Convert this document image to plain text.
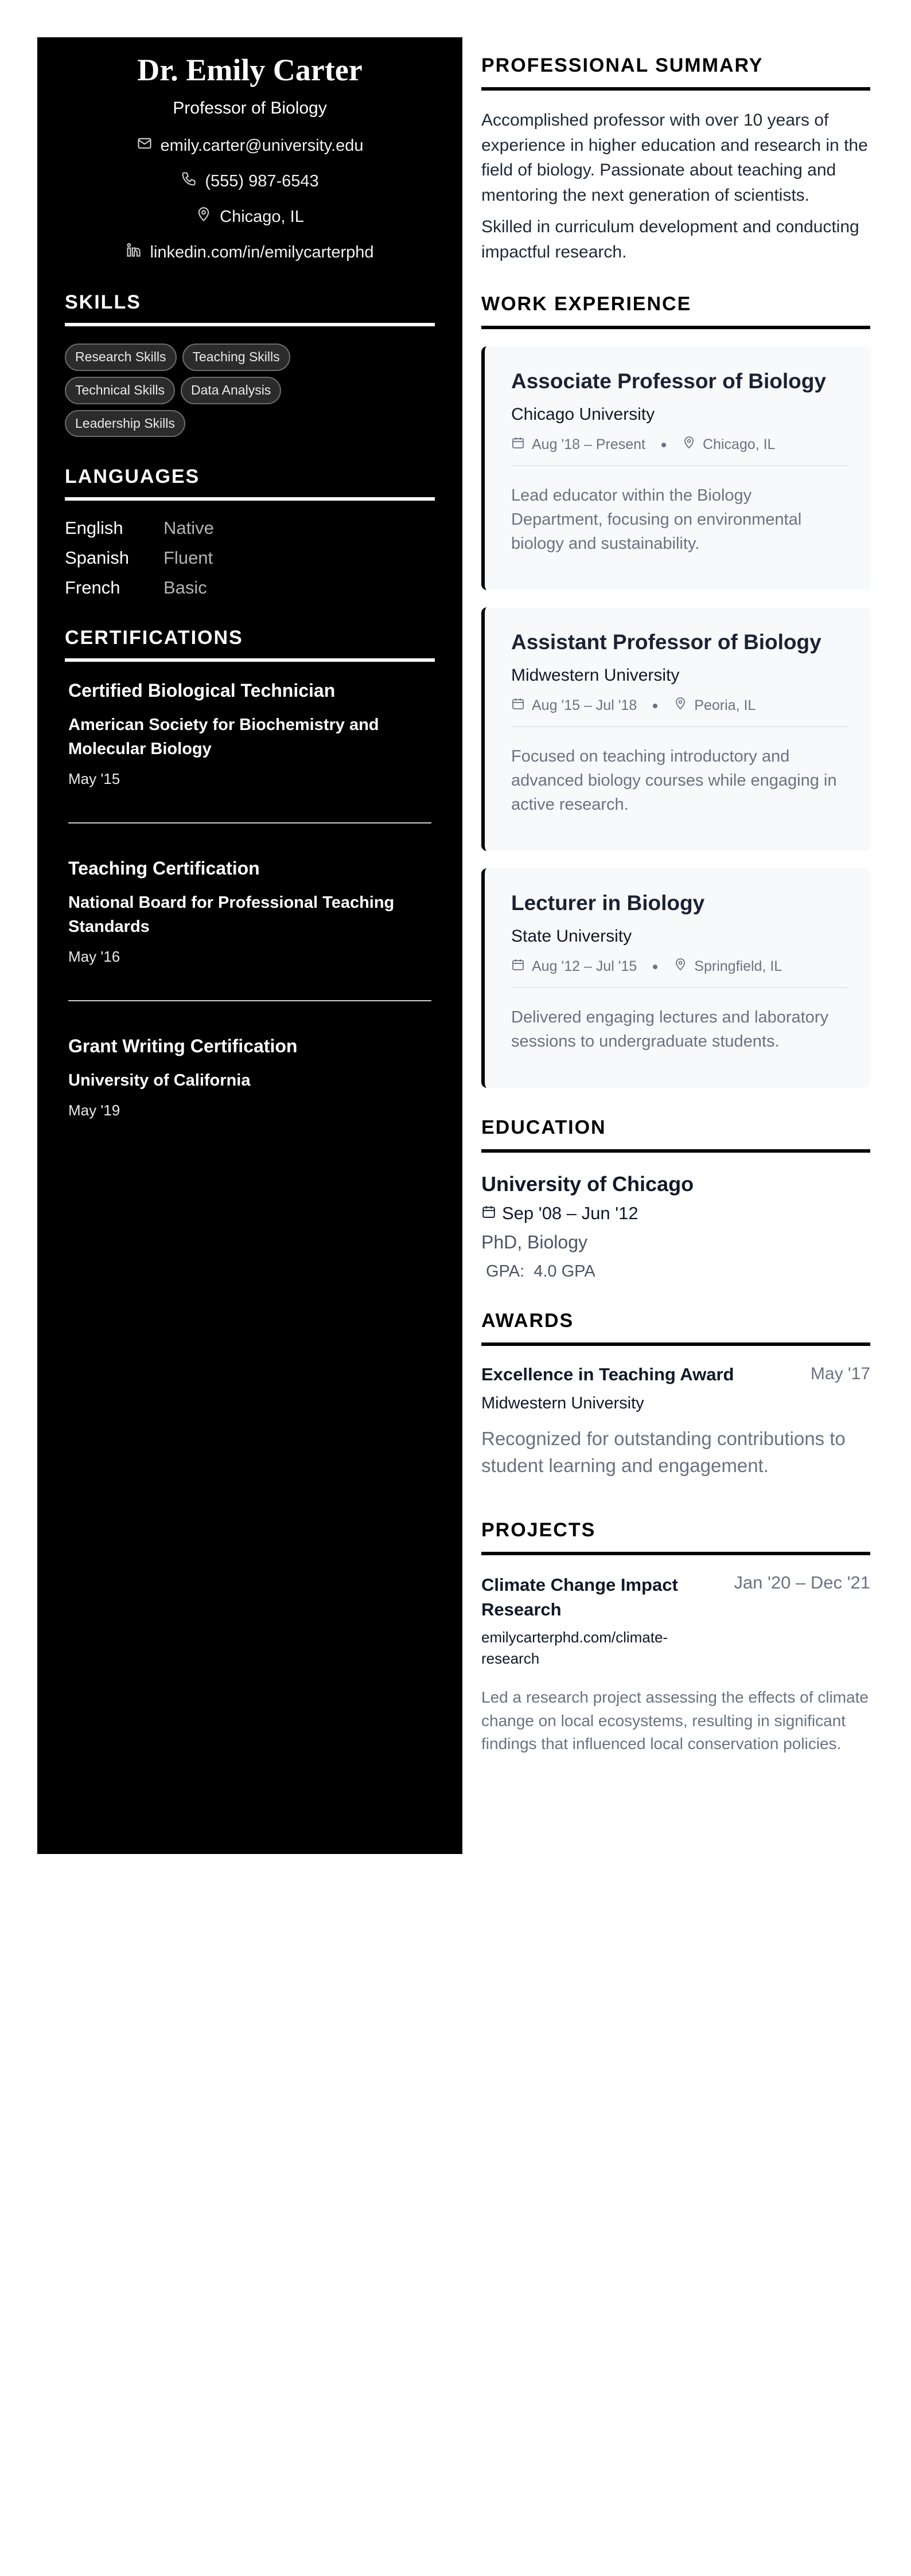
Dr. Emily Carter
Professor of Biology
emily.carter@university.edu
(555) 987-6543
Chicago, IL
linkedin.com/in/emilycarterphd
SKILLS
Research Skills	Teaching Skills
Technical Skills	Data Analysis
Leadership Skills
LANGUAGES
English	Native
Spanish	Fluent
French	Basic
CERTIFICATIONS
Certified Biological Technician
American Society for Biochemistry and Molecular Biology
May '15
Teaching Certification
National Board for Professional Teaching Standards
May '16
Grant Writing Certification
University of California
May '19
PROFESSIONAL SUMMARY

Accomplished professor with over 10 years of experience in higher education and research in the field of biology. Passionate about teaching and mentoring the next generation of scientists.

Skilled in curriculum development and conducting impactful research.

WORK EXPERIENCE
Associate Professor of Biology
Chicago University
Aug '18 – Present	Chicago, IL
Lead educator within the Biology Department, focusing on environmental biology and sustainability.
Assistant Professor of Biology
Midwestern University
Aug '15 – Jul '18	Peoria, IL
Focused on teaching introductory and advanced biology courses while engaging in active research.
Lecturer in Biology
State University
Aug '12 – Jul '15	Springfield, IL
Delivered engaging lectures and laboratory sessions to undergraduate students.
EDUCATION
University of Chicago
Sep '08 – Jun '12
PhD, Biology
GPA: 4.0 GPA
AWARDS
Excellence in Teaching Award	May '17
Midwestern University
Recognized for outstanding contributions to student learning and engagement.
PROJECTS
Climate Change Impact Research
emilycarterphd.com/climate-research
Jan '20 – Dec '21
Led a research project assessing the effects of climate change on local ecosystems, resulting in significant findings that influenced local conservation policies.
